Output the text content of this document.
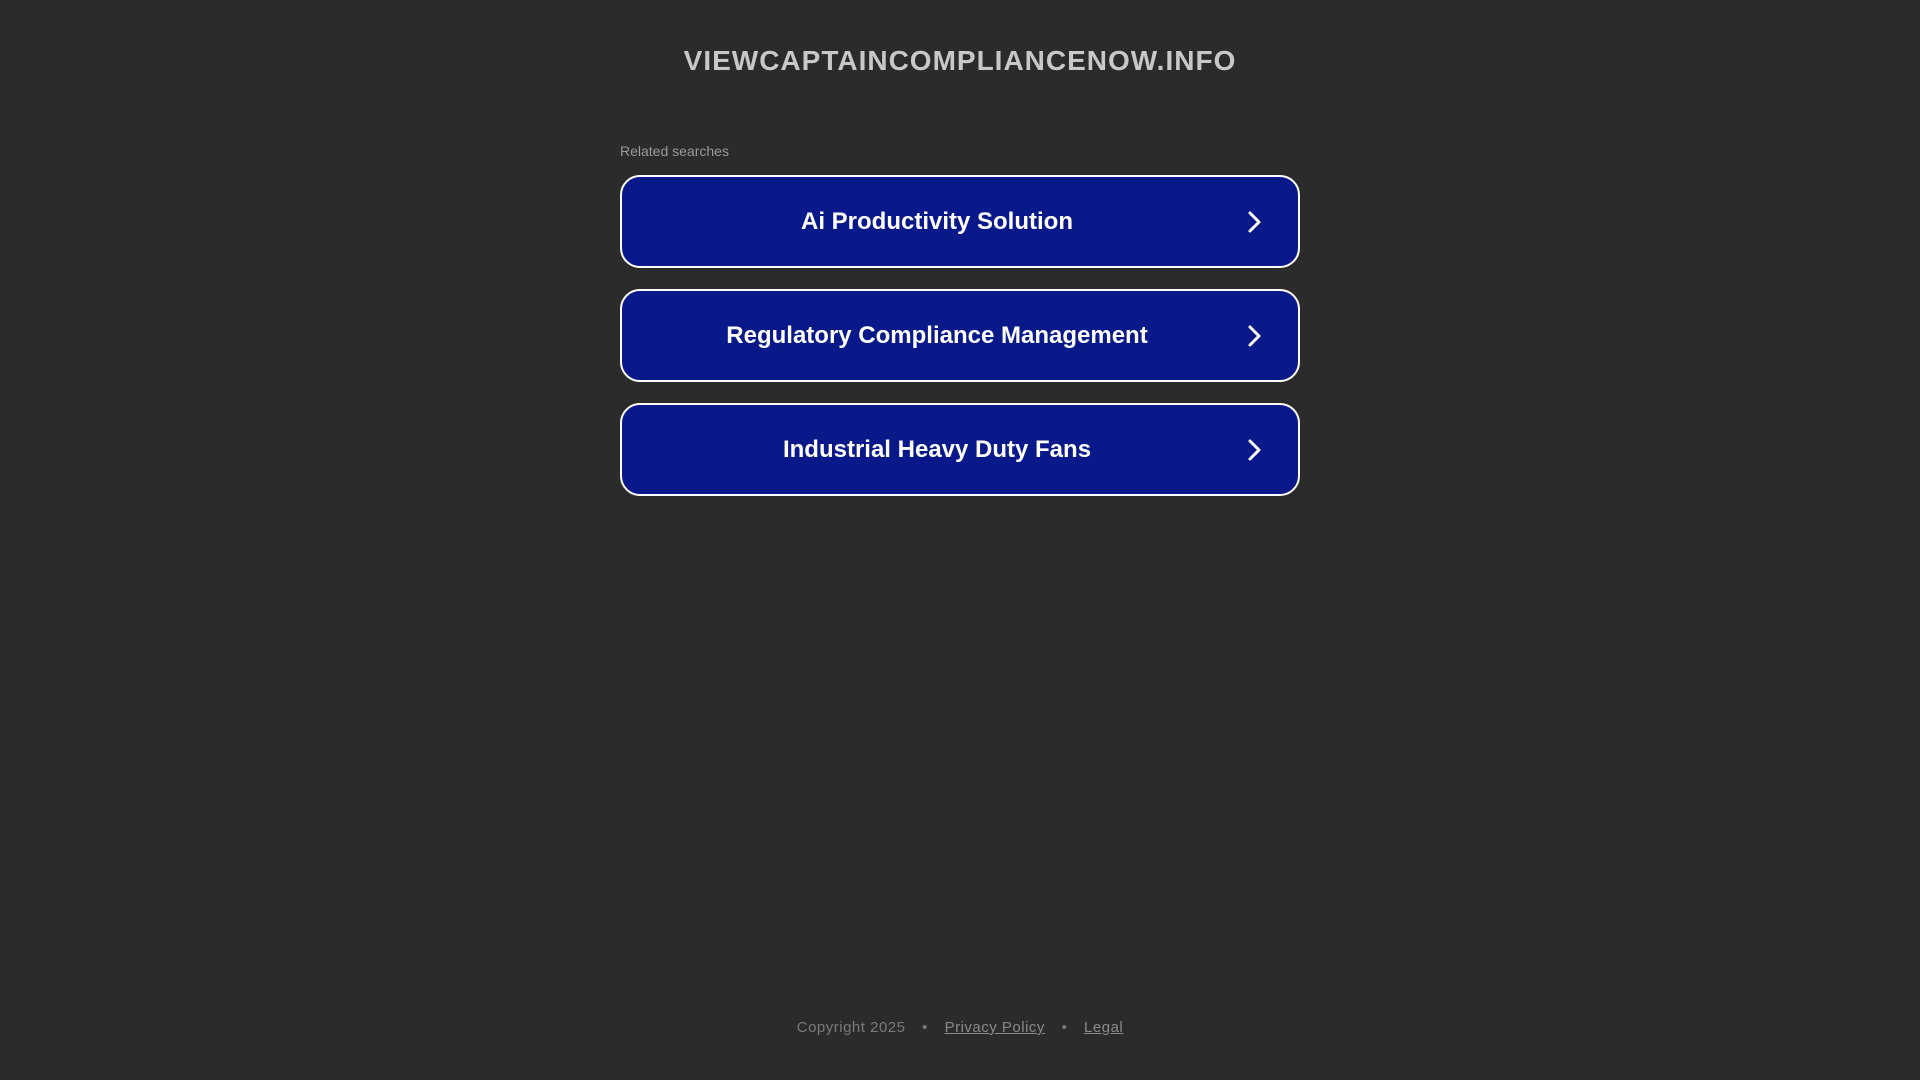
VIEWCAPTAINCOMPLIANCENOW.INFO
Related searches
Ai Productivity Solution
Regulatory Compliance Management
Industrial Heavy Duty Fans
Copyright 2025 • Privacy Policy • Legal
